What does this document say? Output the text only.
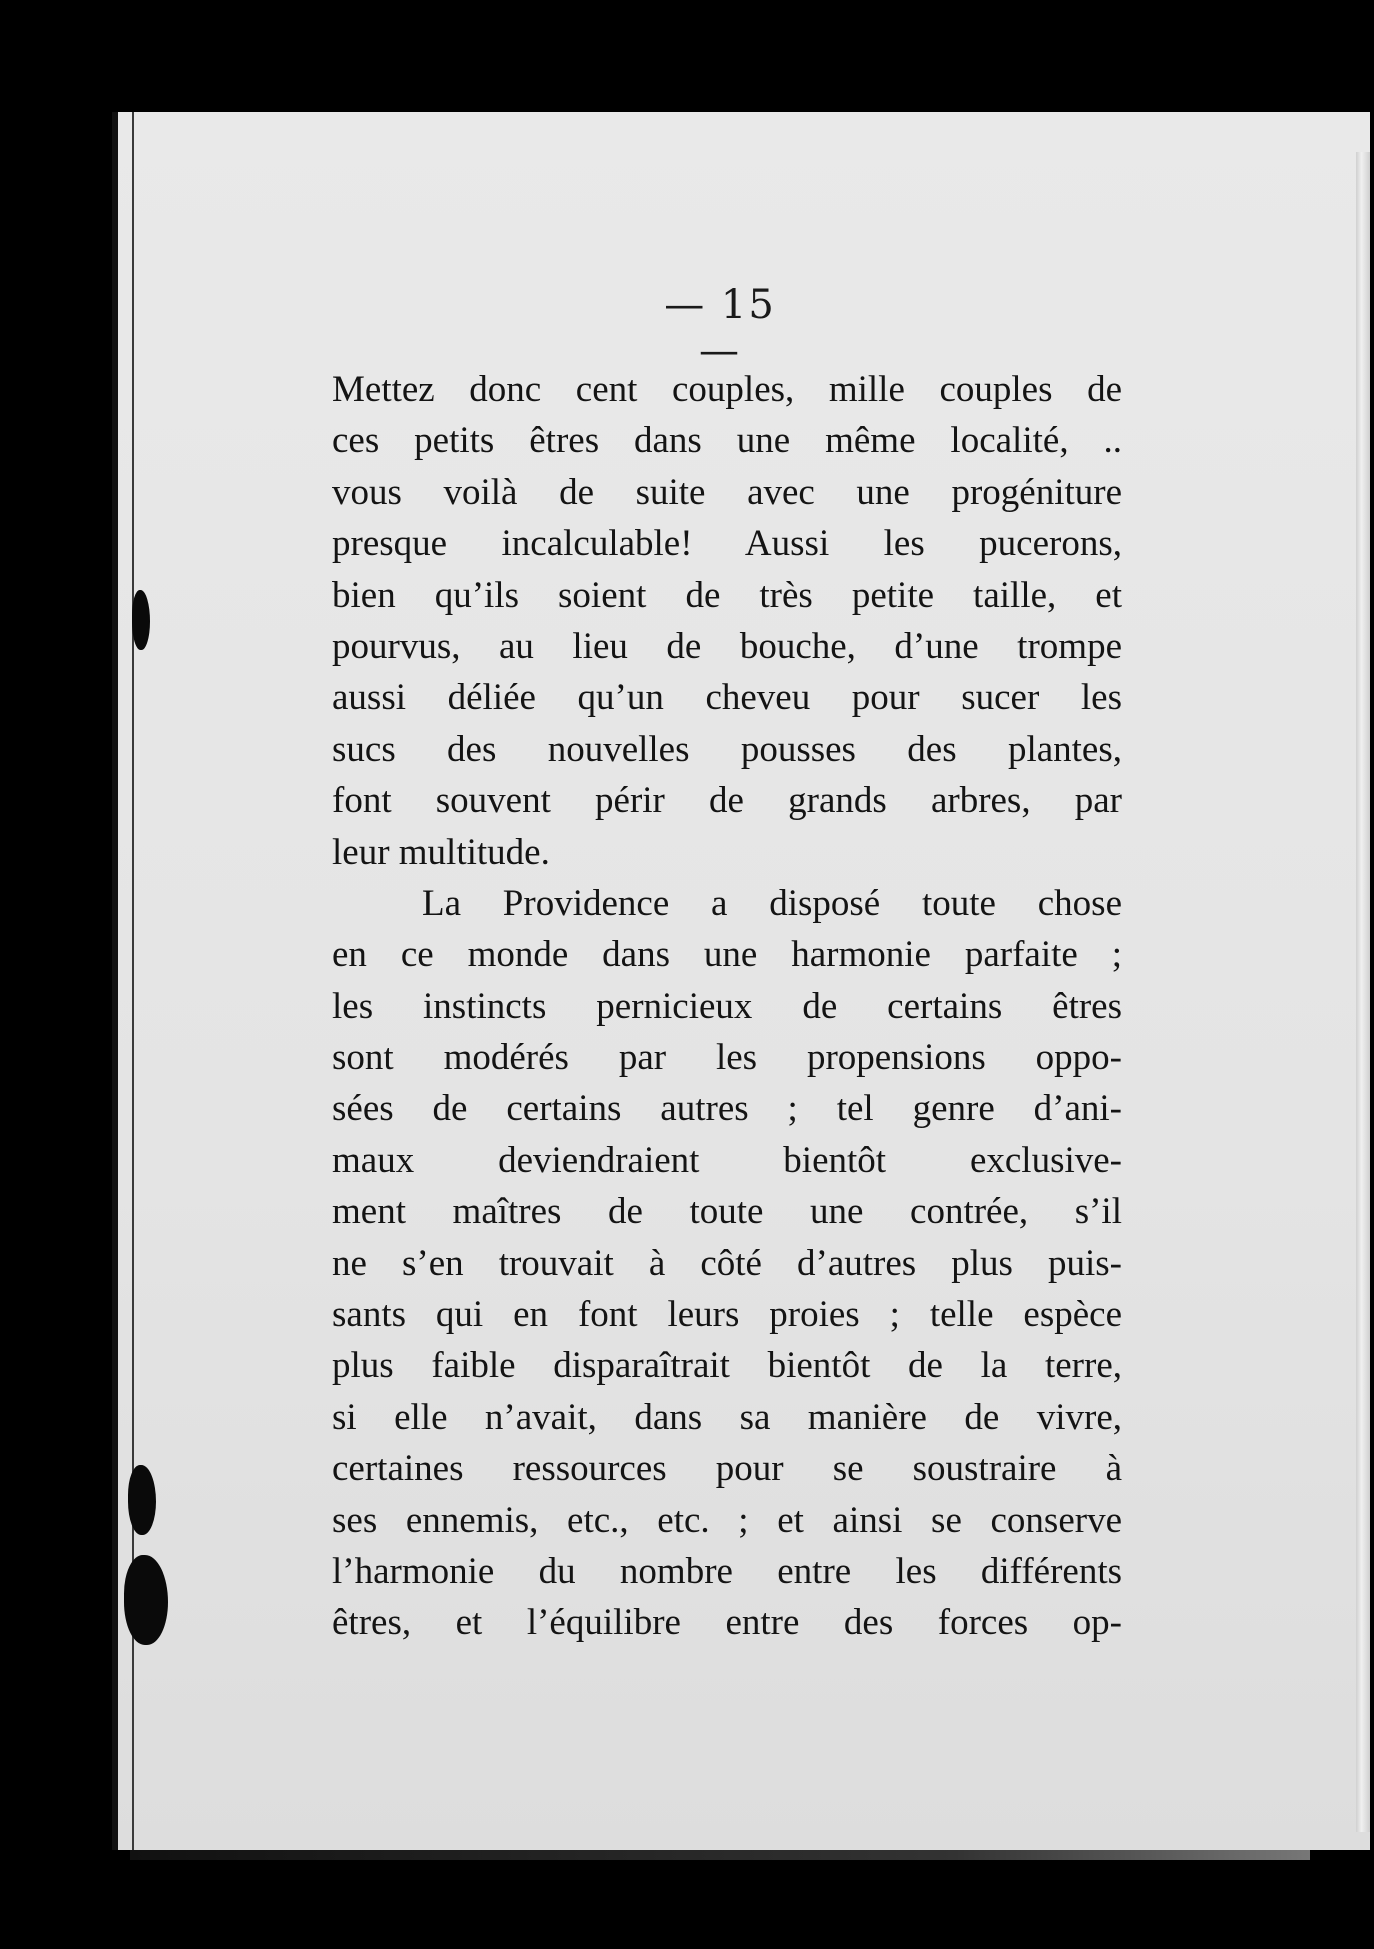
— 15 —
Mettez donc cent couples, mille couples de
ces petits êtres dans une même localité, ..
vous voilà de suite avec une progéniture
presque incalculable! Aussi les pucerons,
bien qu’ils soient de très petite taille, et
pourvus, au lieu de bouche, d’une trompe
aussi déliée qu’un cheveu pour sucer les
sucs des nouvelles pousses des plantes,
font souvent périr de grands arbres, par
leur multitude.
La Providence a disposé toute chose
en ce monde dans une harmonie parfaite ;
les instincts pernicieux de certains êtres
sont modérés par les propensions oppo-
sées de certains autres ; tel genre d’ani-
maux deviendraient bientôt exclusive-
ment maîtres de toute une contrée, s’il
ne s’en trouvait à côté d’autres plus puis-
sants qui en font leurs proies ; telle espèce
plus faible disparaîtrait bientôt de la terre,
si elle n’avait, dans sa manière de vivre,
certaines ressources pour se soustraire à
ses ennemis, etc., etc. ; et ainsi se conserve
l’harmonie du nombre entre les différents
êtres, et l’équilibre entre des forces op-
